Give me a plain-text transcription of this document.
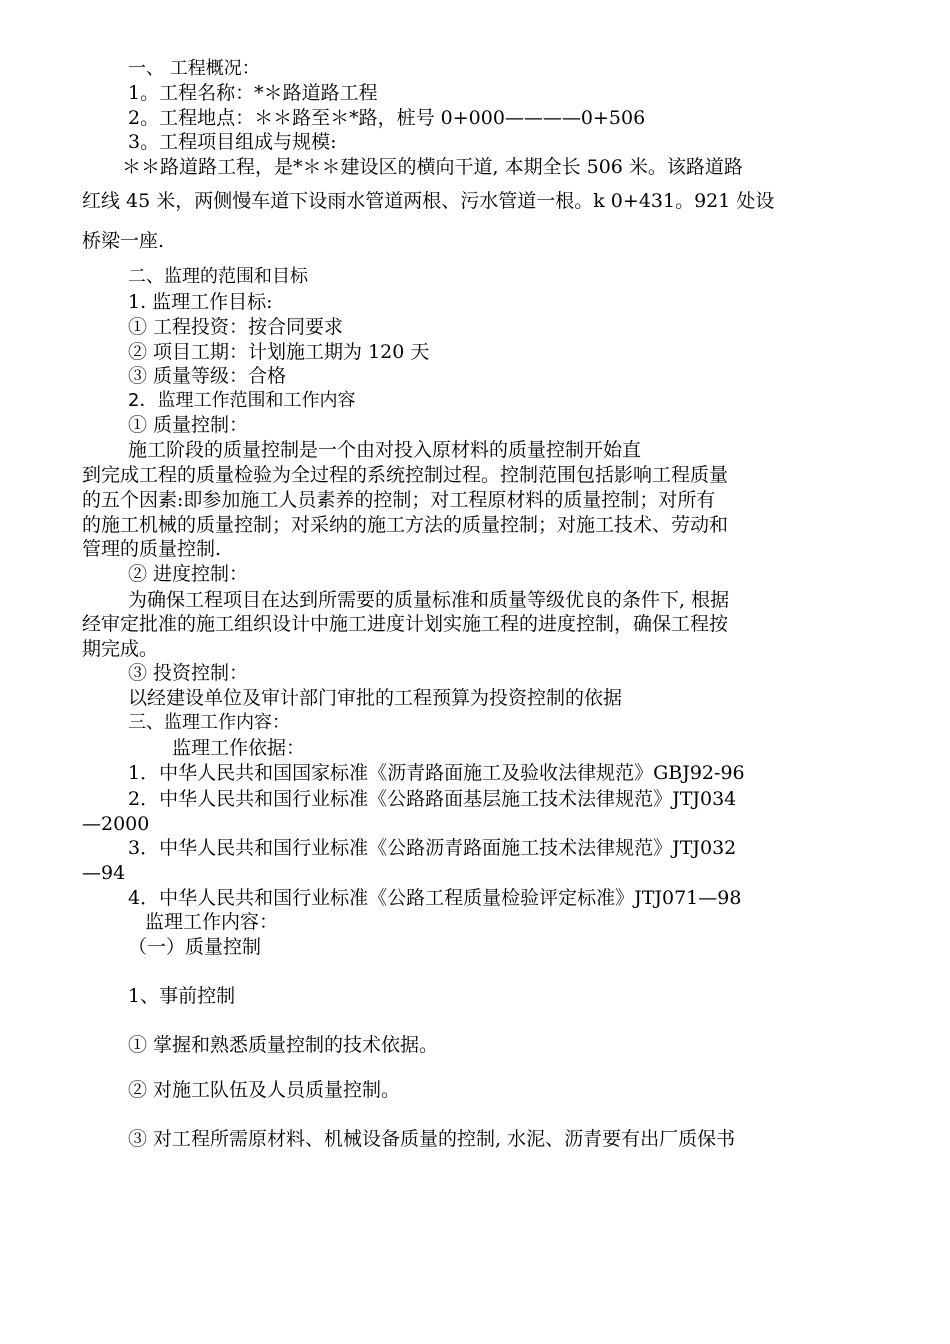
一、 工程概况：
1。工程名称：*＊路道路工程
2。工程地点：＊＊路至＊*路，桩号 0+000————0+506
3。工程项目组成与规模:
＊＊路道路工程，是*＊＊建设区的横向干道, 本期全长 506 米。该路道路
红线 45 米，两侧慢车道下设雨水管道两根、污水管道一根。k 0+431。921 处设
桥梁一座.
二、监理的范围和目标
1. 监理工作目标:
① 工程投资：按合同要求
② 项目工期：计划施工期为 120 天
③ 质量等级：合格
2．监理工作范围和工作内容
① 质量控制：
施工阶段的质量控制是一个由对投入原材料的质量控制开始直
到完成工程的质量检验为全过程的系统控制过程。控制范围包括影响工程质量
的五个因素:即参加施工人员素养的控制；对工程原材料的质量控制；对所有
的施工机械的质量控制；对采纳的施工方法的质量控制；对施工技术、劳动和
管理的质量控制.
② 进度控制：
为确保工程项目在达到所需要的质量标准和质量等级优良的条件下, 根据
经审定批准的施工组织设计中施工进度计划实施工程的进度控制，确保工程按
期完成。
③ 投资控制：
以经建设单位及审计部门审批的工程预算为投资控制的依据
三、监理工作内容：
监理工作依据：
1．中华人民共和国国家标准《沥青路面施工及验收法律规范》GBJ92-96
2．中华人民共和国行业标准《公路路面基层施工技术法律规范》JTJ034
—2000
3．中华人民共和国行业标准《公路沥青路面施工技术法律规范》JTJ032
—94
4．中华人民共和国行业标准《公路工程质量检验评定标准》JTJ071—98
监理工作内容：
（一）质量控制
1、事前控制
① 掌握和熟悉质量控制的技术依据。
② 对施工队伍及人员质量控制。
③ 对工程所需原材料、机械设备质量的控制, 水泥、沥青要有出厂质保书
